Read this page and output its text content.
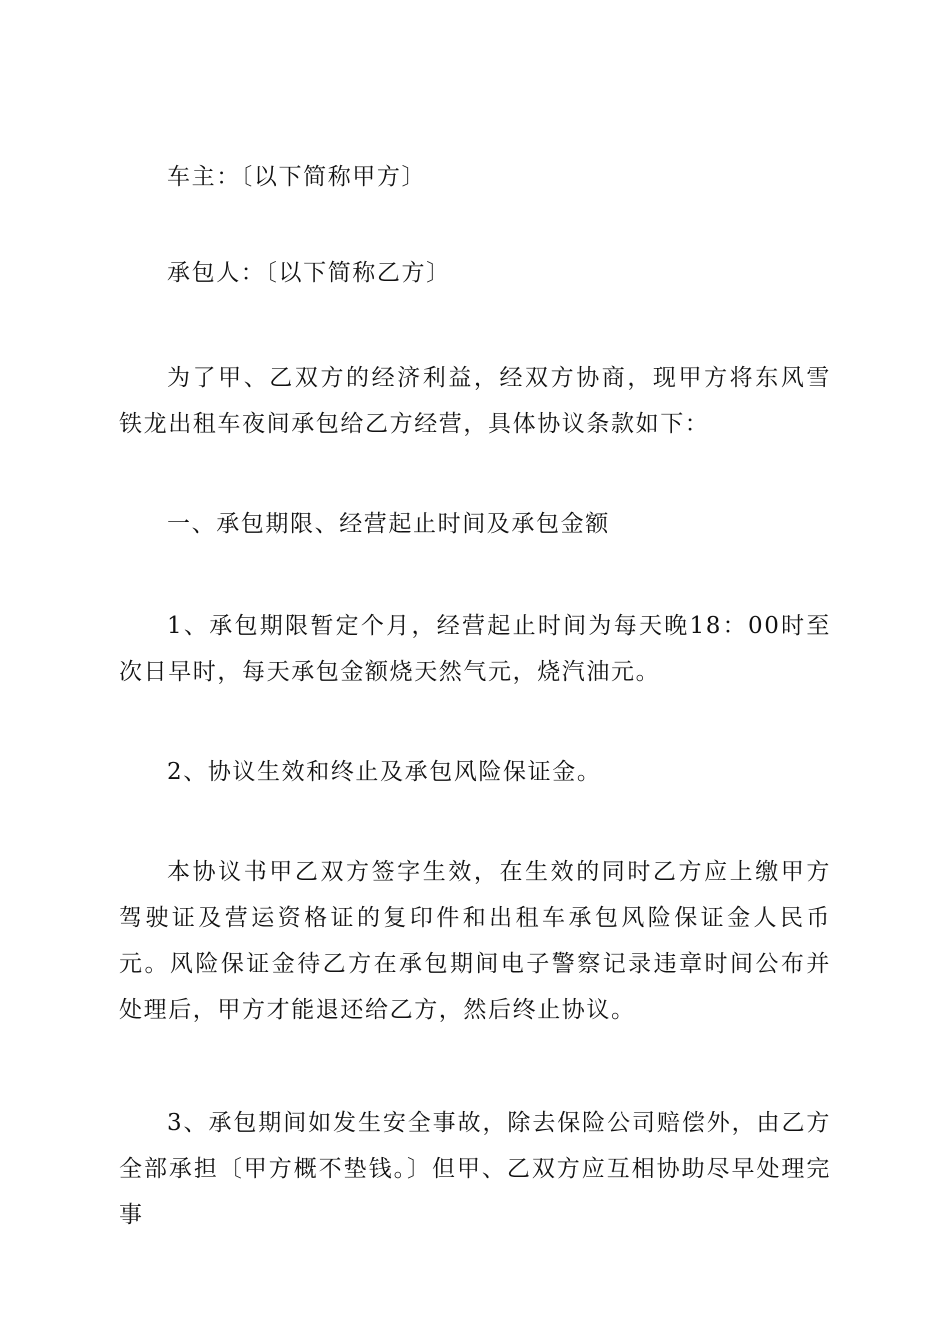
车主：〔以下简称甲方〕

承包人：〔以下简称乙方〕

为了甲、乙双方的经济利益，经双方协商，现甲方将东风雪铁龙出租车夜间承包给乙方经营，具体协议条款如下：

一、承包期限、经营起止时间及承包金额

1、承包期限暂定个月，经营起止时间为每天晚18：00时至次日早时，每天承包金额烧天然气元，烧汽油元。

2、协议生效和终止及承包风险保证金。

本协议书甲乙双方签字生效，在生效的同时乙方应上缴甲方驾驶证及营运资格证的复印件和出租车承包风险保证金人民币元。风险保证金待乙方在承包期间电子警察记录违章时间公布并处理后，甲方才能退还给乙方，然后终止协议。

3、承包期间如发生安全事故，除去保险公司赔偿外，由乙方全部承担〔甲方概不垫钱。〕但甲、乙双方应互相协助尽早处理完事
